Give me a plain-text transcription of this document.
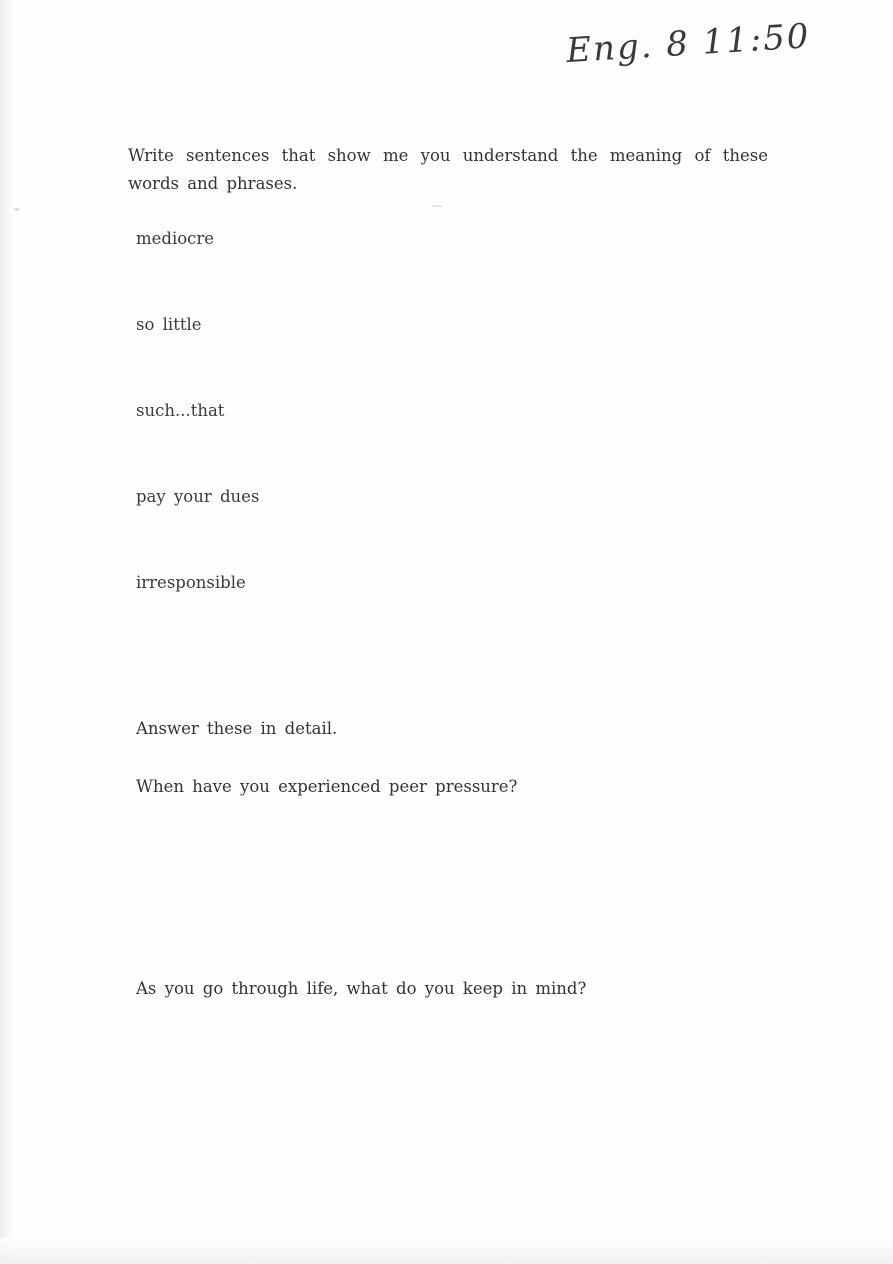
Eng. 8 11:50
Write sentences that show me you understand the meaning of these words and phrases.
mediocre
so little
such...that
pay your dues
irresponsible
Answer these in detail.
When have you experienced peer pressure?
As you go through life, what do you keep in mind?
